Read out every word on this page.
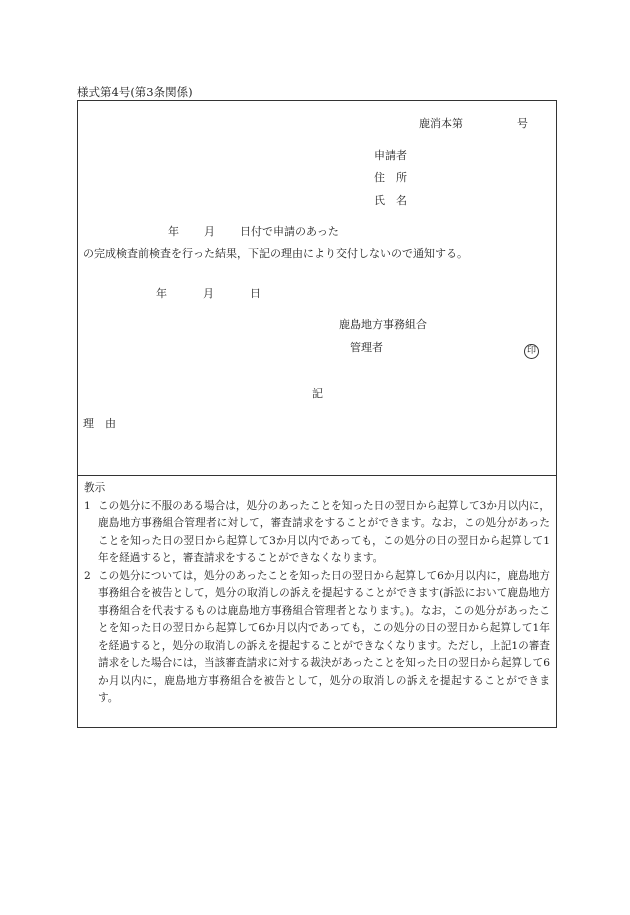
様式第4号(第3条関係)
鹿消本第	号
申請者
住　所
氏　名
年 月 日付で申請のあった
の完成検査前検査を行った結果，下記の理由により交付しないので通知する。
年	月	日
鹿島地方事務組合
管理者	印
記
理　由
教示
1 この処分に不服のある場合は，処分のあったことを知った日の翌日から起算して3か月以内に，鹿島地方事務組合管理者に対して，審査請求をすることができます。なお，この処分があったことを知った日の翌日から起算して3か月以内であっても，この処分の日の翌日から起算して1年を経過すると，審査請求をすることができなくなります。
2 この処分については，処分のあったことを知った日の翌日から起算して6か月以内に，鹿島地方事務組合を被告として，処分の取消しの訴えを提起することができます(訴訟において鹿島地方事務組合を代表するものは鹿島地方事務組合管理者となります。)。なお，この処分があったことを知った日の翌日から起算して6か月以内であっても，この処分の日の翌日から起算して1年を経過すると，処分の取消しの訴えを提起することができなくなります。ただし，上記1の審査請求をした場合には，当該審査請求に対する裁決があったことを知った日の翌日から起算して6か月以内に，鹿島地方事務組合を被告として，処分の取消しの訴えを提起することができます。
